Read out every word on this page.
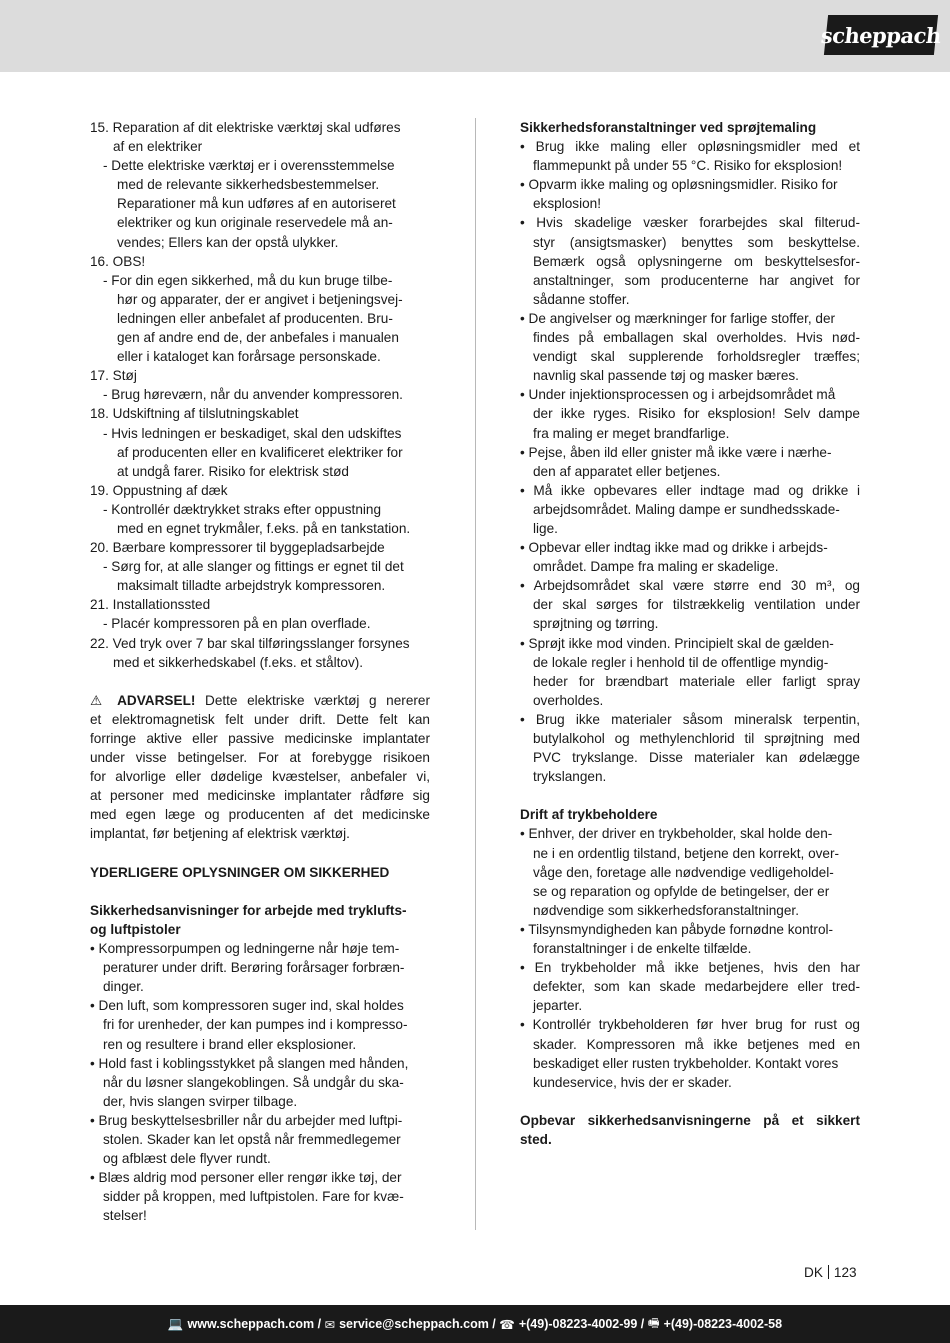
scheppach
15. Reparation af dit elektriske værktøj skal udføres
af en elektriker
- Dette elektriske værktøj er i overensstemmelse
med de relevante sikkerhedsbestemmelser.
Reparationer må kun udføres af en autoriseret
elektriker og kun originale reservedele må an-
vendes; Ellers kan der opstå ulykker.
16. OBS!
- For din egen sikkerhed, må du kun bruge tilbe-
hør og apparater, der er angivet i betjeningsvej-
ledningen eller anbefalet af producenten. Bru-
gen af andre end de, der anbefales i manualen
eller i kataloget kan forårsage personskade.
17. Støj
- Brug høreværn, når du anvender kompressoren.
18. Udskiftning af tilslutningskablet
- Hvis ledningen er beskadiget, skal den udskiftes
af producenten eller en kvalificeret elektriker for
at undgå farer. Risiko for elektrisk stød
19. Oppustning af dæk
- Kontrollér dæktrykket straks efter oppustning
med en egnet trykmåler, f.eks. på en tankstation.
20. Bærbare kompressorer til byggepladsarbejde
- Sørg for, at alle slanger og fittings er egnet til det
maksimalt tilladte arbejdstryk kompressoren.
21. Installationssted
- Placér kompressoren på en plan overflade.
22. Ved tryk over 7 bar skal tilføringsslanger forsynes
med et sikkerhedskabel (f.eks. et ståltov).
⚠ ADVARSEL! Dette elektriske værktøj g nererer
et elektromagnetisk felt under drift. Dette felt kan
forringe aktive eller passive medicinske implantater
under visse betingelser. For at forebygge risikoen
for alvorlige eller dødelige kvæstelser, anbefaler vi,
at personer med medicinske implantater rådføre sig
med egen læge og producenten af det medicinske
implantat, før betjening af elektrisk værktøj.
YDERLIGERE OPLYSNINGER OM SIKKERHED
Sikkerhedsanvisninger for arbejde med tryklufts-
og luftpistoler
• Kompressorpumpen og ledningerne når høje tem-
peraturer under drift. Berøring forårsager forbræn-
dinger.
• Den luft, som kompressoren suger ind, skal holdes
fri for urenheder, der kan pumpes ind i kompresso-
ren og resultere i brand eller eksplosioner.
• Hold fast i koblingsstykket på slangen med hånden,
når du løsner slangekoblingen. Så undgår du ska-
der, hvis slangen svirper tilbage.
• Brug beskyttelsesbriller når du arbejder med luftpi-
stolen. Skader kan let opstå når fremmedlegemer
og afblæst dele flyver rundt.
• Blæs aldrig mod personer eller rengør ikke tøj, der
sidder på kroppen, med luftpistolen. Fare for kvæ-
stelser!
Sikkerhedsforanstaltninger ved sprøjtemaling
• Brug ikke maling eller opløsningsmidler med et
flammepunkt på under 55 °C. Risiko for eksplosion!
• Opvarm ikke maling og opløsningsmidler. Risiko for
eksplosion!
• Hvis skadelige væsker forarbejdes skal filterud-
styr (ansigtsmasker) benyttes som beskyttelse.
Bemærk også oplysningerne om beskyttelsesfor-
anstaltninger, som producenterne har angivet for
sådanne stoffer.
• De angivelser og mærkninger for farlige stoffer, der
findes på emballagen skal overholdes. Hvis nød-
vendigt skal supplerende forholdsregler træffes;
navnlig skal passende tøj og masker bæres.
• Under injektionsprocessen og i arbejdsområdet må
der ikke ryges. Risiko for eksplosion! Selv dampe
fra maling er meget brandfarlige.
• Pejse, åben ild eller gnister må ikke være i nærhe-
den af apparatet eller betjenes.
• Må ikke opbevares eller indtage mad og drikke i
arbejdsområdet. Maling dampe er sundhedsskade-
lige.
• Opbevar eller indtag ikke mad og drikke i arbejds-
området. Dampe fra maling er skadelige.
• Arbejdsområdet skal være større end 30 m³, og
der skal sørges for tilstrækkelig ventilation under
sprøjtning og tørring.
• Sprøjt ikke mod vinden. Principielt skal de gælden-
de lokale regler i henhold til de offentlige myndig-
heder for brændbart materiale eller farligt spray
overholdes.
• Brug ikke materialer såsom mineralsk terpentin,
butylalkohol og methylenchlorid til sprøjtning med
PVC trykslange. Disse materialer kan ødelægge
trykslangen.
Drift af trykbeholdere
• Enhver, der driver en trykbeholder, skal holde den-
ne i en ordentlig tilstand, betjene den korrekt, over-
våge den, foretage alle nødvendige vedligeholdel-
se og reparation og opfylde de betingelser, der er
nødvendige som sikkerhedsforanstaltninger.
• Tilsynsmyndigheden kan påbyde fornødne kontrol-
foranstaltninger i de enkelte tilfælde.
• En trykbeholder må ikke betjenes, hvis den har
defekter, som kan skade medarbejdere eller tred-
jeparter.
• Kontrollér trykbeholderen før hver brug for rust og
skader. Kompressoren må ikke betjenes med en
beskadiget eller rusten trykbeholder. Kontakt vores
kundeservice, hvis der er skader.
Opbevar sikkerhedsanvisningerne på et sikkert
sted.
DK 123
💻 www.scheppach.com / ✉ service@scheppach.com / ☎ +(49)-08223-4002-99 / 🖷 +(49)-08223-4002-58
